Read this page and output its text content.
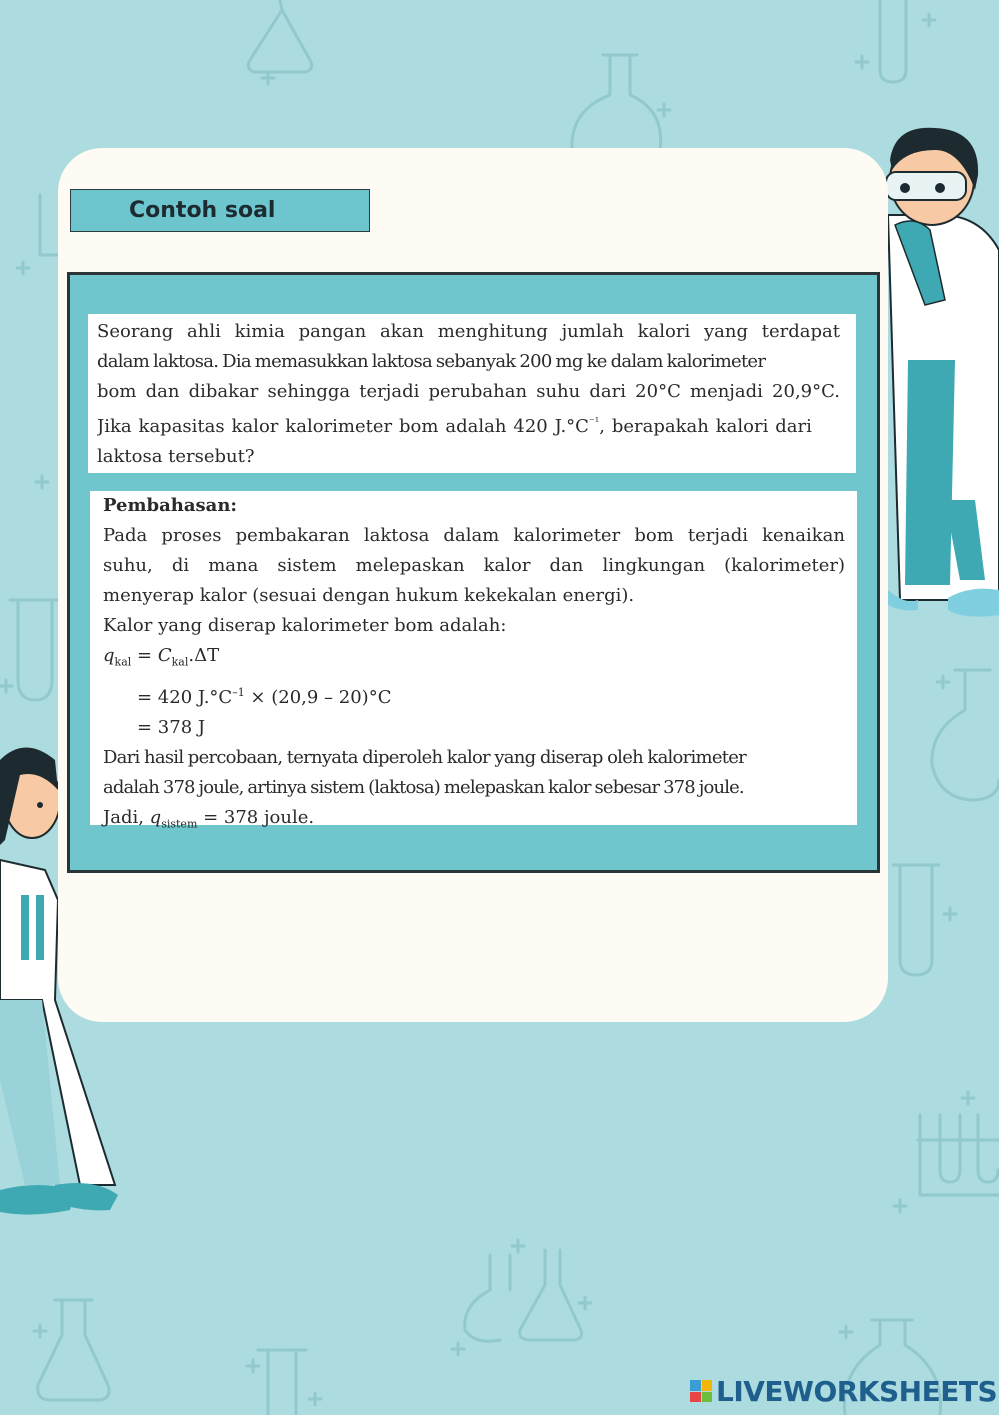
Contoh soal
Seorang ahli kimia pangan akan menghitung jumlah kalori yang terdapat
dalam laktosa. Dia memasukkan laktosa sebanyak 200 mg ke dalam kalorimeter
bom dan dibakar sehingga terjadi perubahan suhu dari 20°C menjadi 20,9°C.
Jika kapasitas kalor kalorimeter bom adalah 420 $J.^\circ C^{^{-1}}$, berapakah kalori dari
laktosa tersebut?
Pembahasan:
Pada proses pembakaran laktosa dalam kalorimeter bom terjadi kenaikan
suhu, di mana sistem melepaskan kalor dan lingkungan (kalorimeter)
menyerap kalor (sesuai dengan hukum kekekalan energi).
Kalor yang diserap kalorimeter bom adalah:
$q_{kal} = C_{kal}.\Delta T$
= 420 $J.^\circ C^{-1} \times (20,9 - 20)^\circ C$
= 378 J
Dari hasil percobaan, ternyata diperoleh kalor yang diserap oleh kalorimeter
adalah 378 joule, artinya sistem (laktosa) melepaskan kalor sebesar 378 joule.
Jadi, $q_{sistem} = 378$ joule.
LIVEWORKSHEETS
